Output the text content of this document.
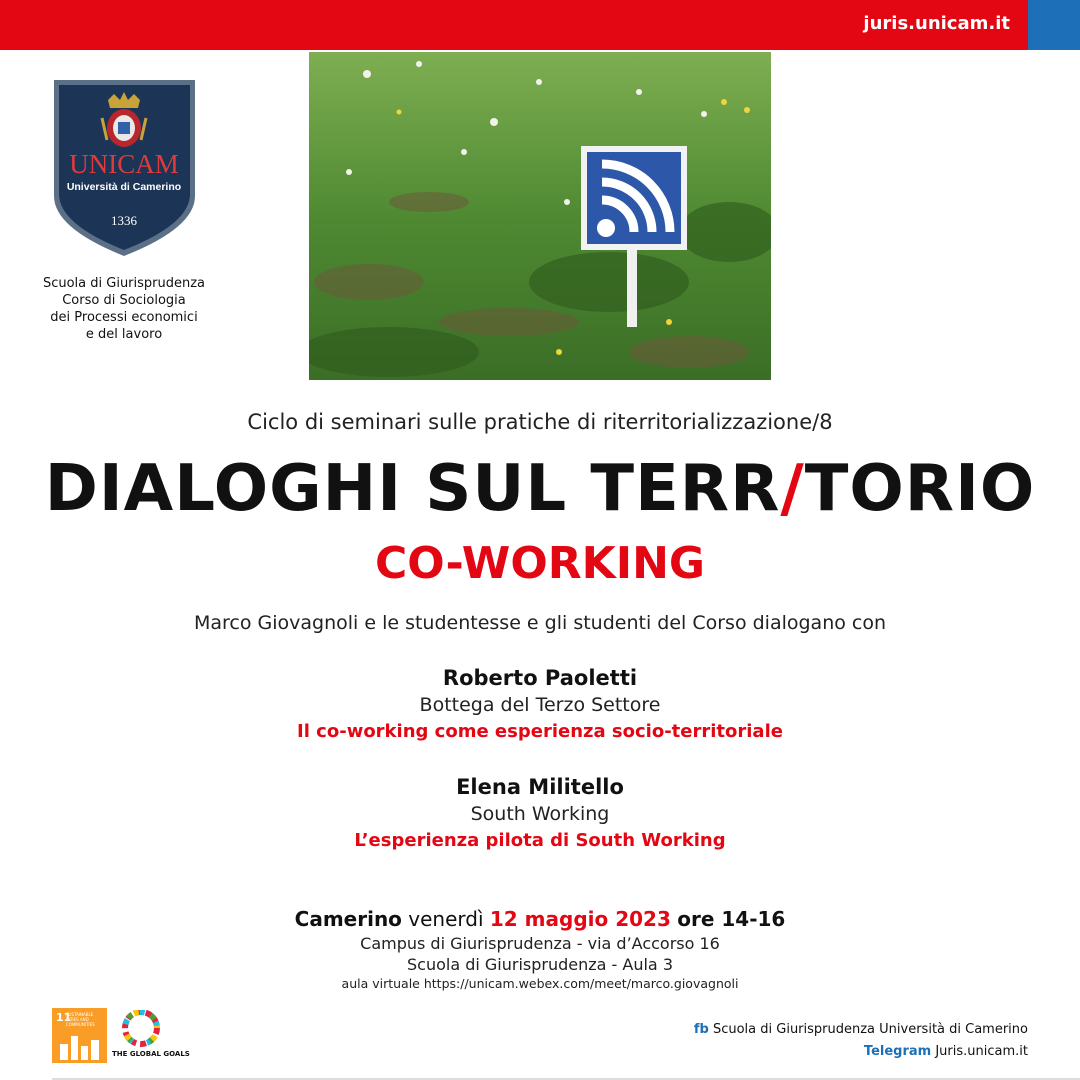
juris.unicam.it
UNICAM
Università di Camerino
1336
Scuola di Giurisprudenza
Corso di Sociologia
dei Processi economici
e del lavoro
Ciclo di seminari sulle pratiche di riterritorializzazione/8
DIALOGHI SUL TERR/TORIO
CO-WORKING
Marco Giovagnoli e le studentesse e gli studenti del Corso dialogano con
Roberto Paoletti
Bottega del Terzo Settore
Il co-working come esperienza socio-territoriale
Elena Militello
South Working
L’esperienza pilota di South Working
Camerino venerdì 12 maggio 2023 ore 14-16
Campus di Giurisprudenza - via d’Accorso 16
Scuola di Giurisprudenza - Aula 3
aula virtuale https://unicam.webex.com/meet/marco.giovagnoli
11
SUSTAINABLE CITIES AND COMMUNITIES
THE GLOBAL GOALS
fb Scuola di Giurisprudenza Università di Camerino
Telegram Juris.unicam.it
